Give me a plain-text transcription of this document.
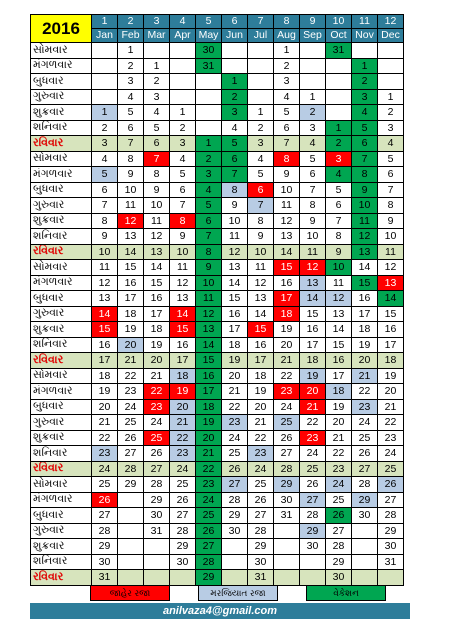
2016	1	2	3	4	5	6	7	8	9	10	11	12
	Jan	Feb	Mar	Apr	May	Jun	Jul	Aug	Sep	Oct	Nov	Dec
સોમવાર		1			30			1		31		
મંગળવાર		2	1		31			2			1	
બુધવાર		3	2			1		3			2	
ગુરુવાર		4	3			2		4	1		3	1
શુક્રવાર	1	5	4	1		3	1	5	2		4	2
શનિવાર	2	6	5	2		4	2	6	3	1	5	3
રવિવાર	3	7	6	3	1	5	3	7	4	2	6	4
સોમવાર	4	8	7	4	2	6	4	8	5	3	7	5
મંગળવાર	5	9	8	5	3	7	5	9	6	4	8	6
બુધવાર	6	10	9	6	4	8	6	10	7	5	9	7
ગુરુવાર	7	11	10	7	5	9	7	11	8	6	10	8
શુક્રવાર	8	12	11	8	6	10	8	12	9	7	11	9
શનિવાર	9	13	12	9	7	11	9	13	10	8	12	10
રવિવાર	10	14	13	10	8	12	10	14	11	9	13	11
સોમવાર	11	15	14	11	9	13	11	15	12	10	14	12
મંગળવાર	12	16	15	12	10	14	12	16	13	11	15	13
બુધવાર	13	17	16	13	11	15	13	17	14	12	16	14
ગુરુવાર	14	18	17	14	12	16	14	18	15	13	17	15
શુક્રવાર	15	19	18	15	13	17	15	19	16	14	18	16
શનિવાર	16	20	19	16	14	18	16	20	17	15	19	17
રવિવાર	17	21	20	17	15	19	17	21	18	16	20	18
સોમવાર	18	22	21	18	16	20	18	22	19	17	21	19
મંગળવાર	19	23	22	19	17	21	19	23	20	18	22	20
બુધવાર	20	24	23	20	18	22	20	24	21	19	23	21
ગુરુવાર	21	25	24	21	19	23	21	25	22	20	24	22
શુક્રવાર	22	26	25	22	20	24	22	26	23	21	25	23
શનિવાર	23	27	26	23	21	25	23	27	24	22	26	24
રવિવાર	24	28	27	24	22	26	24	28	25	23	27	25
સોમવાર	25	29	28	25	23	27	25	29	26	24	28	26
મંગળવાર	26		29	26	24	28	26	30	27	25	29	27
બુધવાર	27		30	27	25	29	27	31	28	26	30	28
ગુરુવાર	28		31	28	26	30	28		29	27		29
શુક્રવાર	29			29	27		29		30	28		30
શનિવાર	30			30	28		30			29		31
રવિવાર	31				29		31			30		
જાહેર રજા	મરજિયાત રજા	વેકેશન
anilvaza4@gmail.com
